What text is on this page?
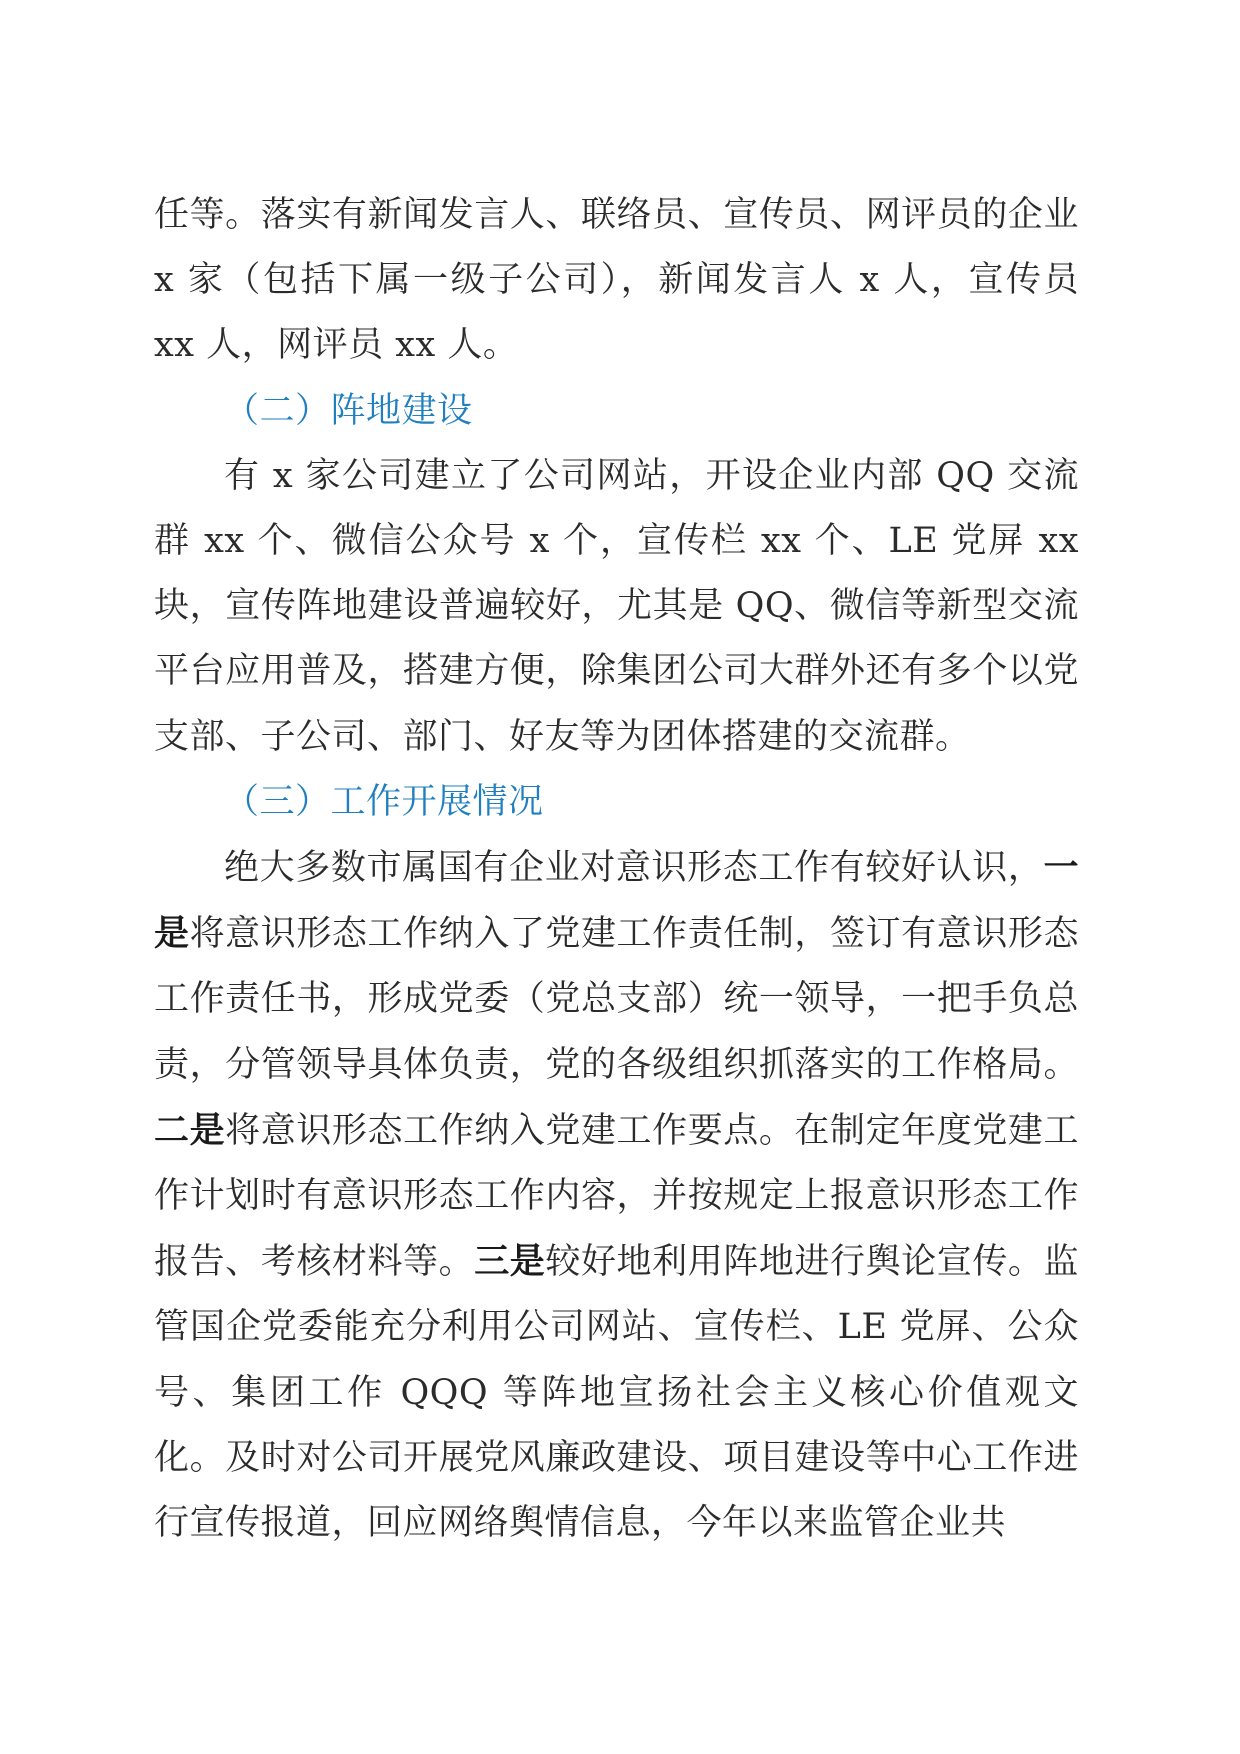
任等。落实有新闻发言人、联络员、宣传员、网评员的企业 x 家（包括下属一级子公司），新闻发言人 x 人，宣传员 xx 人，网评员 xx 人。

（二）阵地建设

有 x 家公司建立了公司网站，开设企业内部 QQ 交流群 xx 个、微信公众号 x 个，宣传栏 xx 个、LE 党屏 xx 块，宣传阵地建设普遍较好，尤其是 QQ、微信等新型交流平台应用普及，搭建方便，除集团公司大群外还有多个以党支部、子公司、部门、好友等为团体搭建的交流群。

（三）工作开展情况

绝大多数市属国有企业对意识形态工作有较好认识，一是将意识形态工作纳入了党建工作责任制，签订有意识形态工作责任书，形成党委（党总支部）统一领导，一把手负总责，分管领导具体负责，党的各级组织抓落实的工作格局。二是将意识形态工作纳入党建工作要点。在制定年度党建工作计划时有意识形态工作内容，并按规定上报意识形态工作报告、考核材料等。三是较好地利用阵地进行舆论宣传。监管国企党委能充分利用公司网站、宣传栏、LE 党屏、公众号、集团工作 QQQ 等阵地宣扬社会主义核心价值观文化。及时对公司开展党风廉政建设、项目建设等中心工作进行宣传报道，回应网络舆情信息，今年以来监管企业共
